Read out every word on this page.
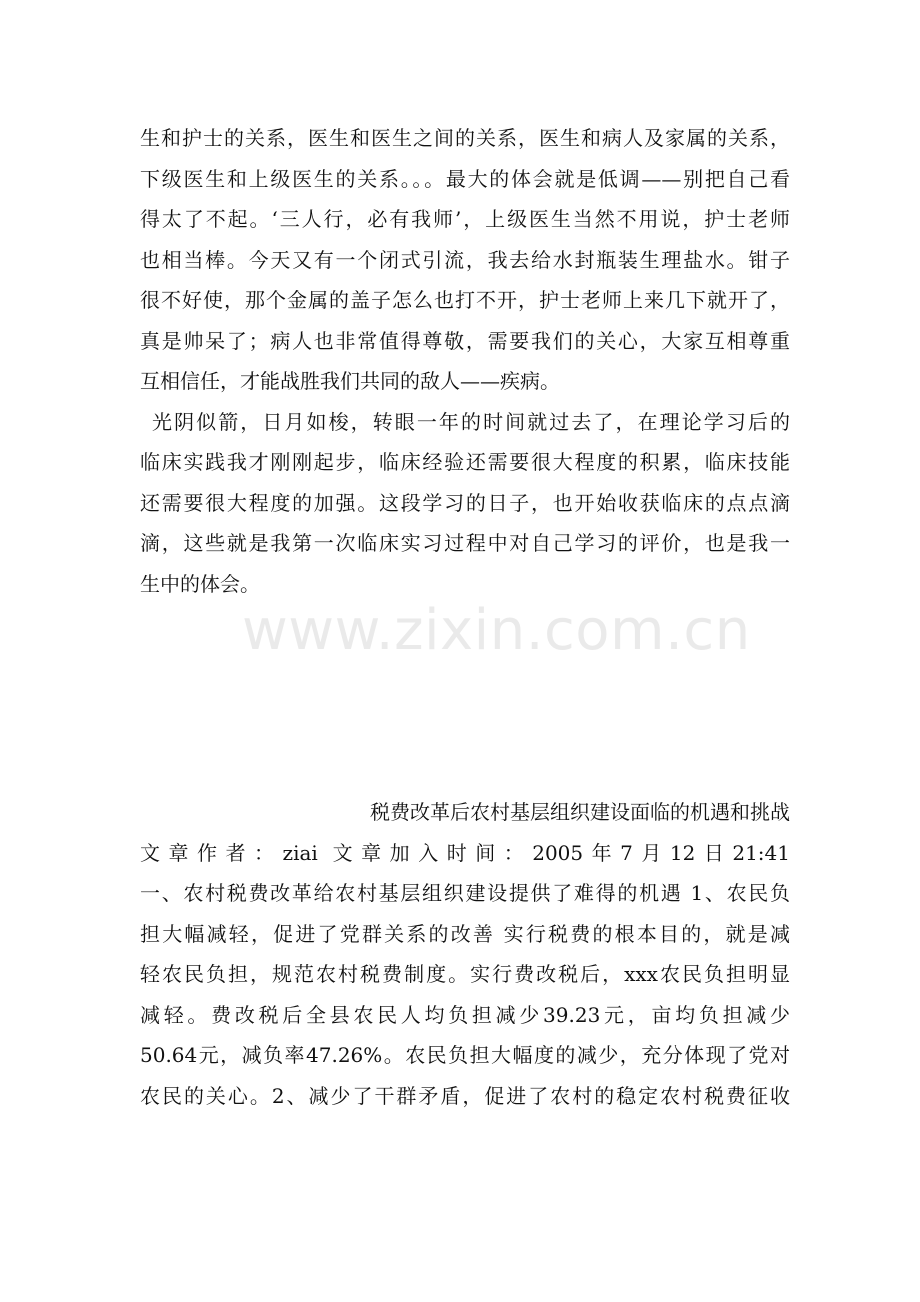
生和护士的关系，医生和医生之间的关系，医生和病人及家属的关系，
下级医生和上级医生的关系。。。最大的体会就是低调——别把自己看
得太了不起。‘三人行，必有我师’，上级医生当然不用说，护士老师
也相当棒。今天又有一个闭式引流，我去给水封瓶装生理盐水。钳子
很不好使，那个金属的盖子怎么也打不开，护士老师上来几下就开了，
真是帅呆了；病人也非常值得尊敬，需要我们的关心，大家互相尊重
互相信任，才能战胜我们共同的敌人——疾病。
光阴似箭，日月如梭，转眼一年的时间就过去了，在理论学习后的
临床实践我才刚刚起步，临床经验还需要很大程度的积累，临床技能
还需要很大程度的加强。这段学习的日子，也开始收获临床的点点滴
滴，这些就是我第一次临床实习过程中对自己学习的评价，也是我一
生中的体会。
税费改革后农村基层组织建设面临的机遇和挑战
文章作者：ziai 文章加入时间：2005年7月12日21:41
一、农村税费改革给农村基层组织建设提供了难得的机遇 1、农民负
担大幅减轻，促进了党群关系的改善 实行税费的根本目的，就是减
轻农民负担，规范农村税费制度。实行费改税后，xxx农民负担明显
减轻。费改税后全县农民人均负担减少39.23元，亩均负担减少
50.64元，减负率47.26%。农民负担大幅度的减少，充分体现了党对
农民的关心。2、减少了干群矛盾，促进了农村的稳定农村税费征收
www.zixin.com.cn
